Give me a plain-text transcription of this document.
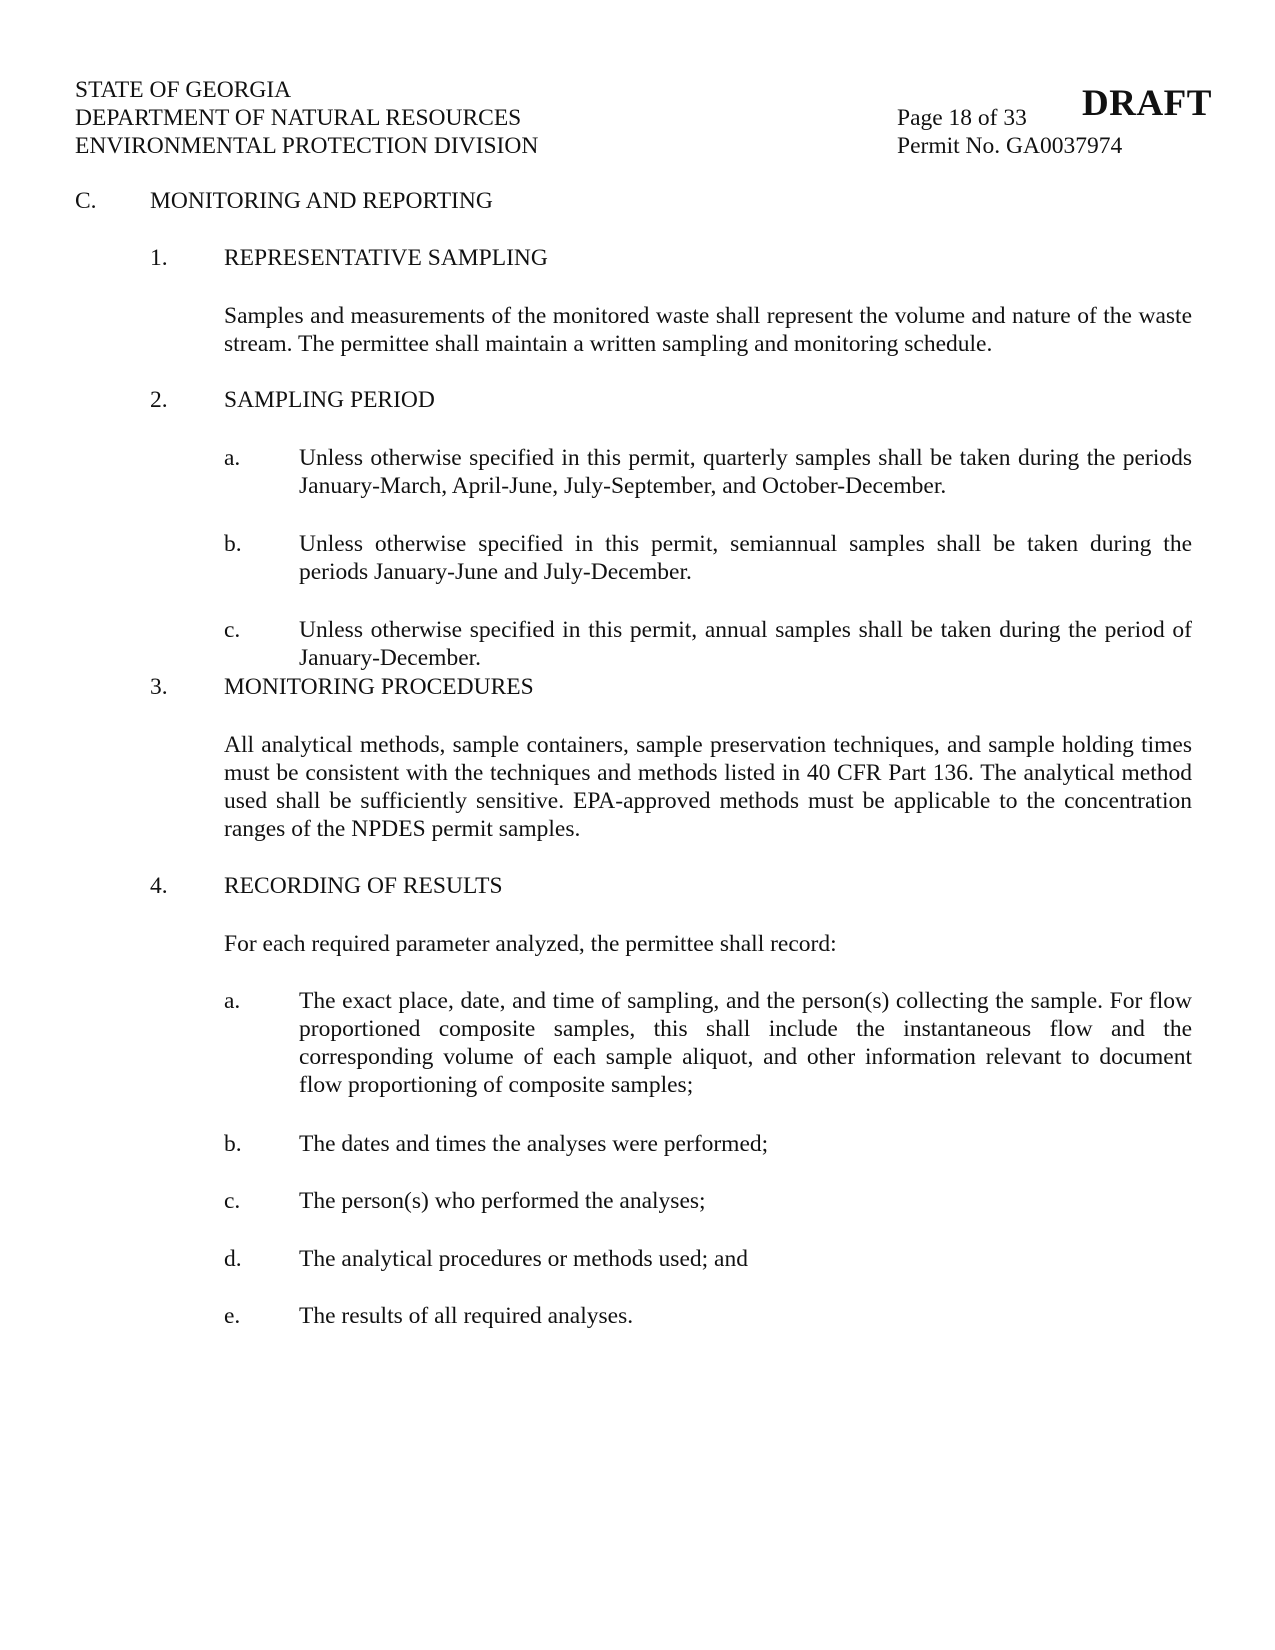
STATE OF GEORGIA
DEPARTMENT OF NATURAL RESOURCES
ENVIRONMENTAL PROTECTION DIVISION
Page 18 of 33
Permit No. GA0037974
DRAFT
C. MONITORING AND REPORTING
1. REPRESENTATIVE SAMPLING
Samples and measurements of the monitored waste shall represent the volume and nature of the waste stream. The permittee shall maintain a written sampling and monitoring schedule.
2. SAMPLING PERIOD
a. Unless otherwise specified in this permit, quarterly samples shall be taken during the periods January-March, April-June, July-September, and October-December.
b. Unless otherwise specified in this permit, semiannual samples shall be taken during the periods January-June and July-December.
c. Unless otherwise specified in this permit, annual samples shall be taken during the period of January-December.
3. MONITORING PROCEDURES
All analytical methods, sample containers, sample preservation techniques, and sample holding times must be consistent with the techniques and methods listed in 40 CFR Part 136. The analytical method used shall be sufficiently sensitive. EPA-approved methods must be applicable to the concentration ranges of the NPDES permit samples.
4. RECORDING OF RESULTS
For each required parameter analyzed, the permittee shall record:
a. The exact place, date, and time of sampling, and the person(s) collecting the sample. For flow proportioned composite samples, this shall include the instantaneous flow and the corresponding volume of each sample aliquot, and other information relevant to document flow proportioning of composite samples;
b. The dates and times the analyses were performed;
c. The person(s) who performed the analyses;
d. The analytical procedures or methods used; and
e. The results of all required analyses.
